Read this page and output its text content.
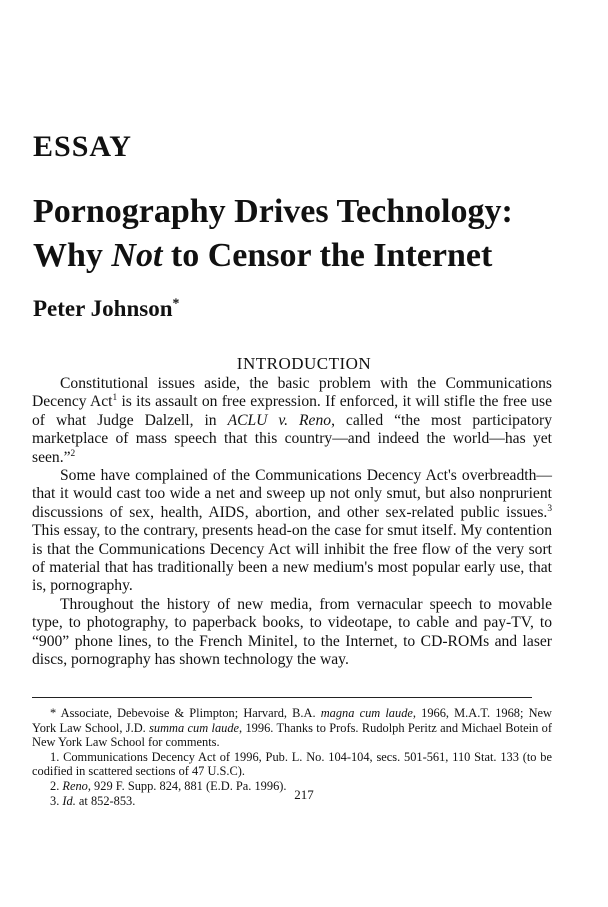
ESSAY
Pornography Drives Technology:
Why Not to Censor the Internet
Peter Johnson*
INTRODUCTION

Constitutional issues aside, the basic problem with the Communications Decency Act$^1$ is its assault on free expression. If enforced, it will stifle the free use of what Judge Dalzell, in ACLU v. Reno, called “the most participatory marketplace of mass speech that this country—and indeed the world—has yet seen.”$^2$

Some have complained of the Communications Decency Act's overbreadth—that it would cast too wide a net and sweep up not only smut, but also nonprurient discussions of sex, health, AIDS, abortion, and other sex-related public issues.$^3$ This essay, to the contrary, presents head-on the case for smut itself. My contention is that the Communications Decency Act will inhibit the free flow of the very sort of material that has traditionally been a new medium's most popular early use, that is, pornography.

Throughout the history of new media, from vernacular speech to movable type, to photography, to paperback books, to videotape, to cable and pay-TV, to “900” phone lines, to the French Minitel, to the Internet, to CD-ROMs and laser discs, pornography has shown technology the way.

* Associate, Debevoise & Plimpton; Harvard, B.A. magna cum laude, 1966, M.A.T. 1968; New York Law School, J.D. summa cum laude, 1996. Thanks to Profs. Rudolph Peritz and Michael Botein of New York Law School for comments.

1. Communications Decency Act of 1996, Pub. L. No. 104-104, secs. 501-561, 110 Stat. 133 (to be codified in scattered sections of 47 U.S.C).

2. Reno, 929 F. Supp. 824, 881 (E.D. Pa. 1996).

3. Id. at 852-853.	217
